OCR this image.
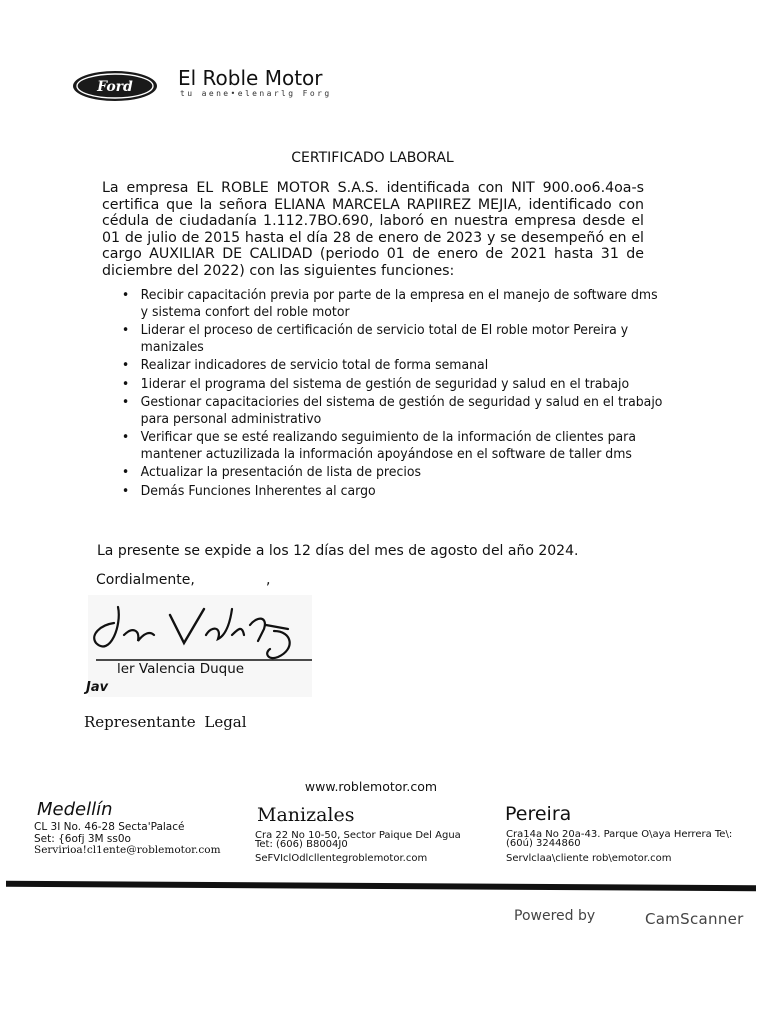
Ford El Roble Motor
tu aene•elenarlg Forg
CERTIFICADO LABORAL
La empresa EL ROBLE MOTOR S.A.S. identificada con NIT 900.oo6.4oa-s certifica que la señora ELIANA MARCELA RAPIIREZ MEJIA, identificado con cédula de ciudadanía 1.112.7BO.690, laboró en nuestra empresa desde el 01 de julio de 2015 hasta el día 28 de enero de 2023 y se desempeñó en el cargo AUXILIAR DE CALIDAD (periodo 01 de enero de 2021 hasta 31 de diciembre del 2022) con las siguientes funciones:
• Recibir capacitación previa por parte de la empresa en el manejo de software dms y sistema confort del roble motor
• Liderar el proceso de certificación de servicio total de El roble motor Pereira y manizales
• Realizar indicadores de servicio total de forma semanal
• 1iderar el programa del sistema de gestión de seguridad y salud en el trabajo
• Gestionar capacitaciories del sistema de gestión de seguridad y salud en el trabajo para personal administrativo
• Verificar que se esté realizando seguimiento de la información de clientes para mantener actuzilizada la información apoyándose en el software de taller dms
• Actualizar la presentación de lista de precios
• Demás Funciones Inherentes al cargo
La presente se expide a los 12 días del mes de agosto del año 2024.
Cordialmente,	,
ler Valencia Duque
Jav
Representante Legal
www.roblemotor.com
Medellín
CL 3I No. 46-28 Secta'Palacé
Set: {6ofj 3M ss0o
Servirioa!cl1ente@roblemotor.com
Manizales
Cra 22 No 10-50, Sector Paique Del Agua
Tet: (606) B8004J0
SeFVIclOdlcllentegroblemotor.com
Pereira
Cra14a No 20a-43. Parque O\aya Herrera Te\:
(60ú) 3244860
Servlclaa\cliente rob\emotor.com
Powered by	CamScanner
